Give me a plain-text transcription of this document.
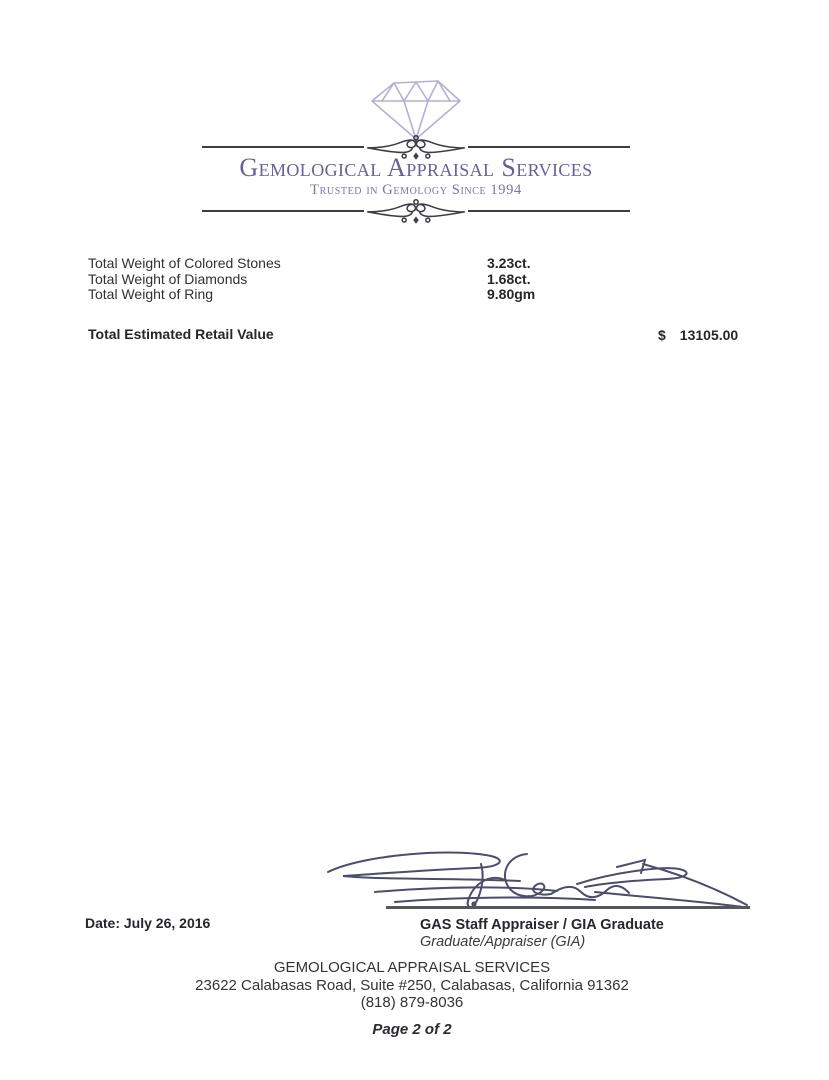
Gemological Appraisal Services
Trusted in Gemology Since 1994
Total Weight of Colored Stones	3.23ct.
Total Weight of Diamonds	1.68ct.
Total Weight of Ring	9.80gm
Total Estimated Retail Value	$ 13105.00
Date: July 26, 2016	GAS Staff Appraiser / GIA Graduate
Graduate/Appraiser (GIA)
GEMOLOGICAL APPRAISAL SERVICES
23622 Calabasas Road, Suite #250, Calabasas, California 91362
(818) 879-8036
Page 2 of 2
